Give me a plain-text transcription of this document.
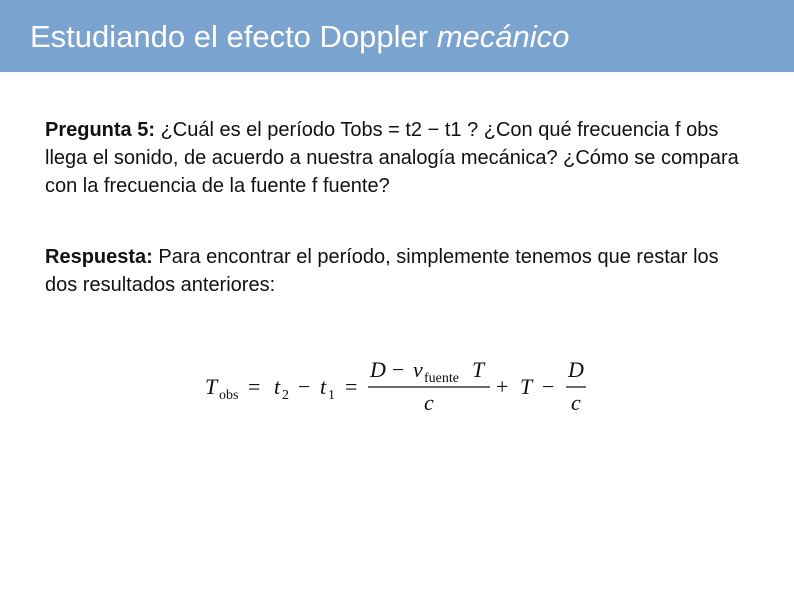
Estudiando el efecto Doppler mecánico

Pregunta 5: ¿Cuál es el período Tobs = t2 − t1 ? ¿Con qué frecuencia f obs llega el sonido, de acuerdo a nuestra analogía mecánica? ¿Cómo se compara con la frecuencia de la fuente f fuente?

Respuesta: Para encontrar el período, simplemente tenemos que restar los dos resultados anteriores:

T obs = t 2 − t 1 =
D − v fuente T
c
+ T −
D
c
